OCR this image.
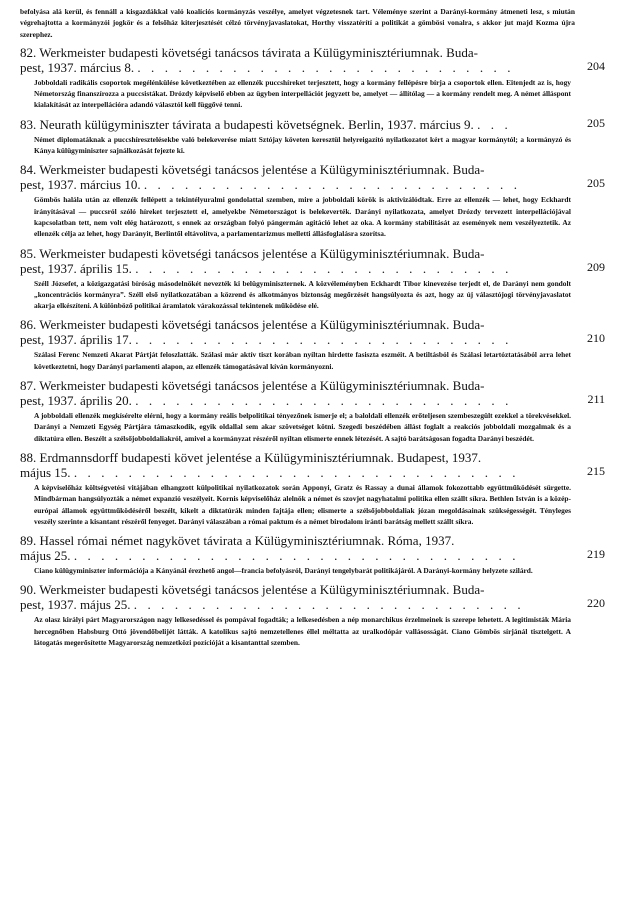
befolyása alá kerül, és fennáll a kisgazdákkal való koalíciós kormányzás veszélye, amelyet végzetesnek tart. Véleménye szerint a Darányi-kormány átmeneti lesz, s miután végrehajtotta a kormányzói jogkör és a felsőház kiterjesztését célzó törvényjavaslatokat, Horthy visszatérítí a politikát a gömbösi vonalra, s akkor jut majd Kozma újra szerephez.

82. Werkmeister budapesti követségi tanácsos távirata a Külügyminisztériumnak. Buda-
pest, 1937. március 8. . . . . . . . . . . . . . . . . . . . . . . . . . . . .	204
Jobboldali radikális csoportok megélénkülése következtében az ellenzék puccshíreket terjesztett, hogy a kormány fellépésre bírja a csoportok ellen. Eitenjedt az is, hogy Németország finanszírozza a puccsistákat. Drózdy képviselő ebben az ügyben interpellációt jegyzett be, amelyet — állítólag — a kormány rendelt meg. A német álláspont kialakítását az interpellációra adandó választól kell függővé tenni.
83. Neurath külügyminiszter távirata a budapesti követségnek. Berlin, 1937. március 9. . . .	205
Német diplomatáknak a puccshíresztelésekbe való belekeverése miatt Sztójay követen keresztül helyreigazító nyilatkozatot kért a magyar kormánytól; a kormányzó és Kánya külügyminiszter sajnálkozását fejezte ki.
84. Werkmeister budapesti követségi tanácsos jelentése a Külügyminisztériumnak. Buda-
pest, 1937. március 10. . . . . . . . . . . . . . . . . . . . . . . . . . . . .	205
Gömbös halála után az ellenzék fellépett a tekintélyuralmi gondolattal szemben, mire a jobboldali körök is aktivizálódtak. Erre az ellenzék — lehet, hogy Eckhardt irányításával — puccsról szóló híreket terjesztett el, amelyekbe Németországot is belekeverték. Darányi nyilatkozata, amelyet Drózdy tervezett interpellációjával kapcsolatban tett, nem volt elég határozott, s ennek az országban folyó pángermán agitáció lehet az oka. A kormány stabilitását az események nem veszélyeztetik. Az ellenzék célja az lehet, hogy Darányit, Berlintől eltávolítva, a parlamentarizmus melletti állásfoglalásra szorítsa.
85. Werkmeister budapesti követségi tanácsos jelentése a Külügyminisztériumnak. Buda-
pest, 1937. április 15. . . . . . . . . . . . . . . . . . . . . . . . . . . . .	209
Széll Józsefet, a közigazgatási bíróság másodelnökét nevezték ki belügyminiszternek. A közvéleményben Eckhardt Tibor kinevezése terjedt el, de Darányi nem gondolt „koncentrációs kormányra”. Széll első nyilatkozatában a közrend és alkotmányos biztonság megőrzését hangsúlyozta és azt, hogy az új választójogi törvényjavaslatot akarja elkészíteni. A különböző politikai áramlatok várakozással tekintenek működése elé.
86. Werkmeister budapesti követségi tanácsos jelentése a Külügyminisztériumnak. Buda-
pest, 1937. április 17. . . . . . . . . . . . . . . . . . . . . . . . . . . . .	210
Szálasi Ferenc Nemzeti Akarat Pártját feloszlatták. Szálasi már aktív tiszt korában nyíltan hirdette fasiszta eszméit. A betiltásból és Szálasi letartóztatásából arra lehet következtetni, hogy Darányi parlamenti alapon, az ellenzék támogatásával kíván kormányozni.
87. Werkmeister budapesti követségi tanácsos jelentése a Külügyminisztériumnak. Buda-
pest, 1937. április 20. . . . . . . . . . . . . . . . . . . . . . . . . . . . .	211
A jobboldali ellenzék megkísérelte elérni, hogy a kormány reális belpolitikai tényezőnek ismerje el; a baloldali ellenzék erőteljesen szembeszegült ezekkel a törekvésekkel. Darányi a Nemzeti Egység Pártjára támaszkodik, egyik oldallal sem akar szövetséget kötni. Szegedi beszédében állást foglalt a reakciós jobboldali mozgalmak és a diktatúra ellen. Beszélt a szélsőjobboldaliakról, amivel a kormányzat részéről nyíltan elismerte ennek létezését. A sajtó barátságosan fogadta Darányi beszédét.
88. Erdmannsdorff budapesti követ jelentése a Külügyminisztériumnak. Budapest, 1937.
május 15. . . . . . . . . . . . . . . . . . . . . . . . . . . . . . . . . .	215
A képviselőház költségvetési vitájában elhangzott külpolitikai nyilatkozatok során Apponyi, Gratz és Rassay a dunai államok fokozottabb együttműködését sürgette. Mindbárman hangsúlyozták a német expanzió veszélyeit. Kornis képviselőház alelnök a német és szovjet nagyhatalmi politika ellen szállt síkra. Bethlen István is a közép-európai államok együttműködéséről beszélt, kikelt a diktatúrák minden fajtája ellen; elismerte a szélsőjobboldaliak józan megoldásainak szükségességét. Tényleges veszély szerinte a kisantant részéről fenyeget. Darányi válaszában a római paktum és a német birodalom iránti barátság mellett szállt síkra.
89. Hassel római német nagykövet távirata a Külügyminisztériumnak. Róma, 1937.
május 25. . . . . . . . . . . . . . . . . . . . . . . . . . . . . . . . . .	219
Ciano külügyminiszter információja a Kányánál érezhető angol—francia befolyásról, Darányi tengelybarát politikájáról. A Darányi-kormány helyzete szilárd.
90. Werkmeister budapesti követségi tanácsos jelentése a Külügyminisztériumnak. Buda-
pest, 1937. május 25. . . . . . . . . . . . . . . . . . . . . . . . . . . . . .	220
Az olasz királyi párt Magyarországon nagy lelkesedéssel és pompával fogadták; a lelkesedésben a nép monarchikus érzelmeinek is szerepe lehetett. A legitimisták Mária hercegnőben Habsburg Ottó jövendőbelijét látták. A katolikus sajtó nemzetellenes éllel méltatta az uralkodópár vallásosságát. Ciano Gömbös sírjánál tisztelgett. A látogatás megerősítette Magyarország nemzetközi pozícióját a kisantanttal szemben.
